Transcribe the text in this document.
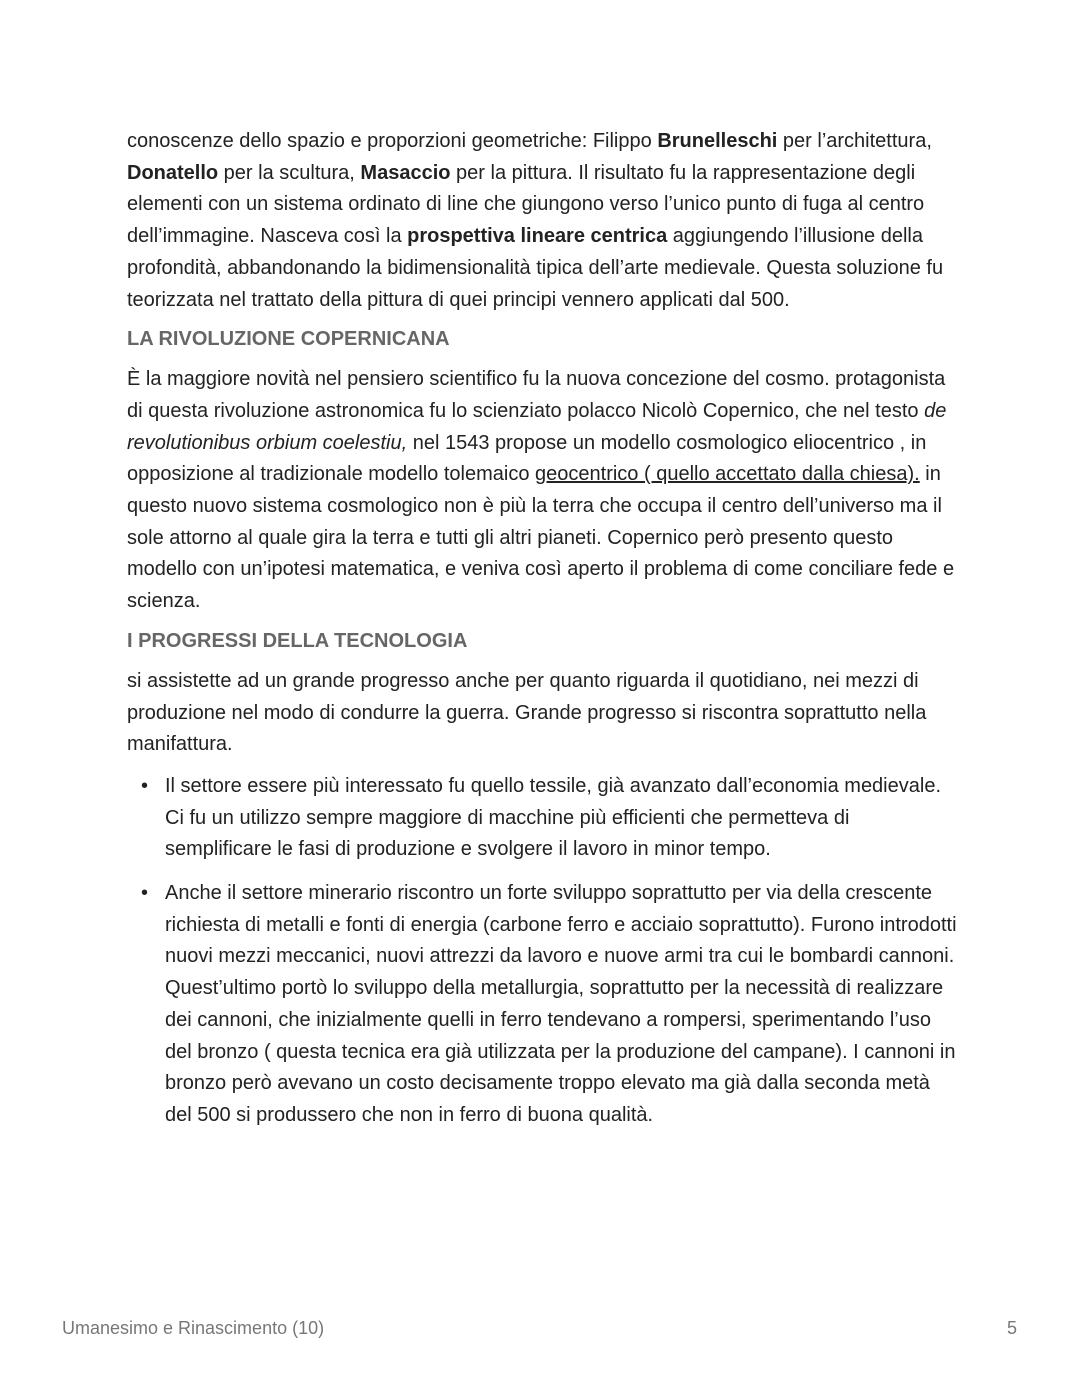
conoscenze dello spazio e proporzioni geometriche: Filippo Brunelleschi per l’architettura, Donatello per la scultura, Masaccio per la pittura. Il risultato fu la rappresentazione degli elementi con un sistema ordinato di line che giungono verso l’unico punto di fuga al centro dell’immagine. Nasceva così la prospettiva lineare centrica aggiungendo l’illusione della profondità, abbandonando la bidimensionalità tipica dell’arte medievale. Questa soluzione fu teorizzata nel trattato della pittura di quei principi vennero applicati dal 500.

LA RIVOLUZIONE COPERNICANA

È la maggiore novità nel pensiero scientifico fu la nuova concezione del cosmo. protagonista di questa rivoluzione astronomica fu lo scienziato polacco Nicolò Copernico, che nel testo de revolutionibus orbium coelestiu, nel 1543 propose un modello cosmologico eliocentrico , in opposizione al tradizionale modello tolemaico geocentrico ( quello accettato dalla chiesa). in questo nuovo sistema cosmologico non è più la terra che occupa il centro dell’universo ma il sole attorno al quale gira la terra e tutti gli altri pianeti. Copernico però presento questo modello con un’ipotesi matematica, e veniva così aperto il problema di come conciliare fede e scienza.

I PROGRESSI DELLA TECNOLOGIA

si assistette ad un grande progresso anche per quanto riguarda il quotidiano, nei mezzi di produzione nel modo di condurre la guerra. Grande progresso si riscontra soprattutto nella manifattura.

• Il settore essere più interessato fu quello tessile, già avanzato dall’economia medievale. Ci fu un utilizzo sempre maggiore di macchine più efficienti che permetteva di semplificare le fasi di produzione e svolgere il lavoro in minor tempo.
• Anche il settore minerario riscontro un forte sviluppo soprattutto per via della crescente richiesta di metalli e fonti di energia (carbone ferro e acciaio soprattutto). Furono introdotti nuovi mezzi meccanici, nuovi attrezzi da lavoro e nuove armi tra cui le bombardi cannoni. Quest’ultimo portò lo sviluppo della metallurgia, soprattutto per la necessità di realizzare dei cannoni, che inizialmente quelli in ferro tendevano a rompersi, sperimentando l’uso del bronzo ( questa tecnica era già utilizzata per la produzione del campane). I cannoni in bronzo però avevano un costo decisamente troppo elevato ma già dalla seconda metà del 500 si produssero che non in ferro di buona qualità.
Umanesimo e Rinascimento (10)	5
